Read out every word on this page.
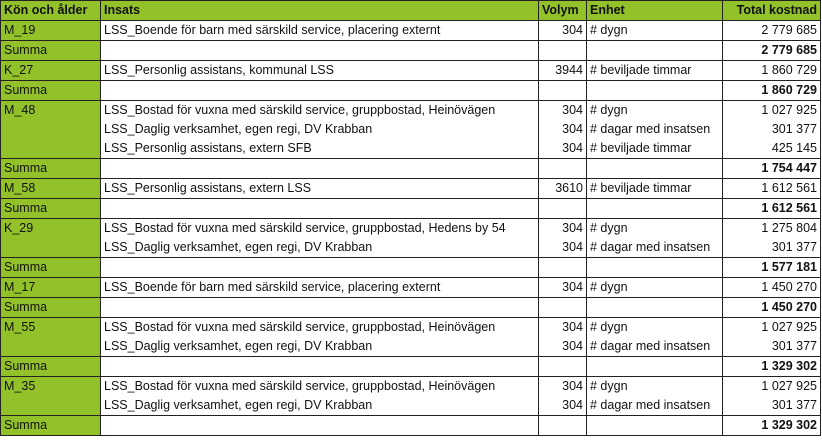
Kön och ålder	Insats	Volym	Enhet	Total kostnad
M_19	LSS_Boende för barn med särskild service, placering externt	304	# dygn	2 779 685
Summa				2 779 685
K_27	LSS_Personlig assistans, kommunal LSS	3944	# beviljade timmar	1 860 729
Summa				1 860 729
M_48	LSS_Bostad för vuxna med särskild service, gruppbostad, Heinövägen	304	# dygn	1 027 925
	LSS_Daglig verksamhet, egen regi, DV Krabban	304	# dagar med insatsen	301 377
	LSS_Personlig assistans, extern SFB	304	# beviljade timmar	425 145
Summa				1 754 447
M_58	LSS_Personlig assistans, extern LSS	3610	# beviljade timmar	1 612 561
Summa				1 612 561
K_29	LSS_Bostad för vuxna med särskild service, gruppbostad, Hedens by 54	304	# dygn	1 275 804
	LSS_Daglig verksamhet, egen regi, DV Krabban	304	# dagar med insatsen	301 377
Summa				1 577 181
M_17	LSS_Boende för barn med särskild service, placering externt	304	# dygn	1 450 270
Summa				1 450 270
M_55	LSS_Bostad för vuxna med särskild service, gruppbostad, Heinövägen	304	# dygn	1 027 925
	LSS_Daglig verksamhet, egen regi, DV Krabban	304	# dagar med insatsen	301 377
Summa				1 329 302
M_35	LSS_Bostad för vuxna med särskild service, gruppbostad, Heinövägen	304	# dygn	1 027 925
	LSS_Daglig verksamhet, egen regi, DV Krabban	304	# dagar med insatsen	301 377
Summa				1 329 302
